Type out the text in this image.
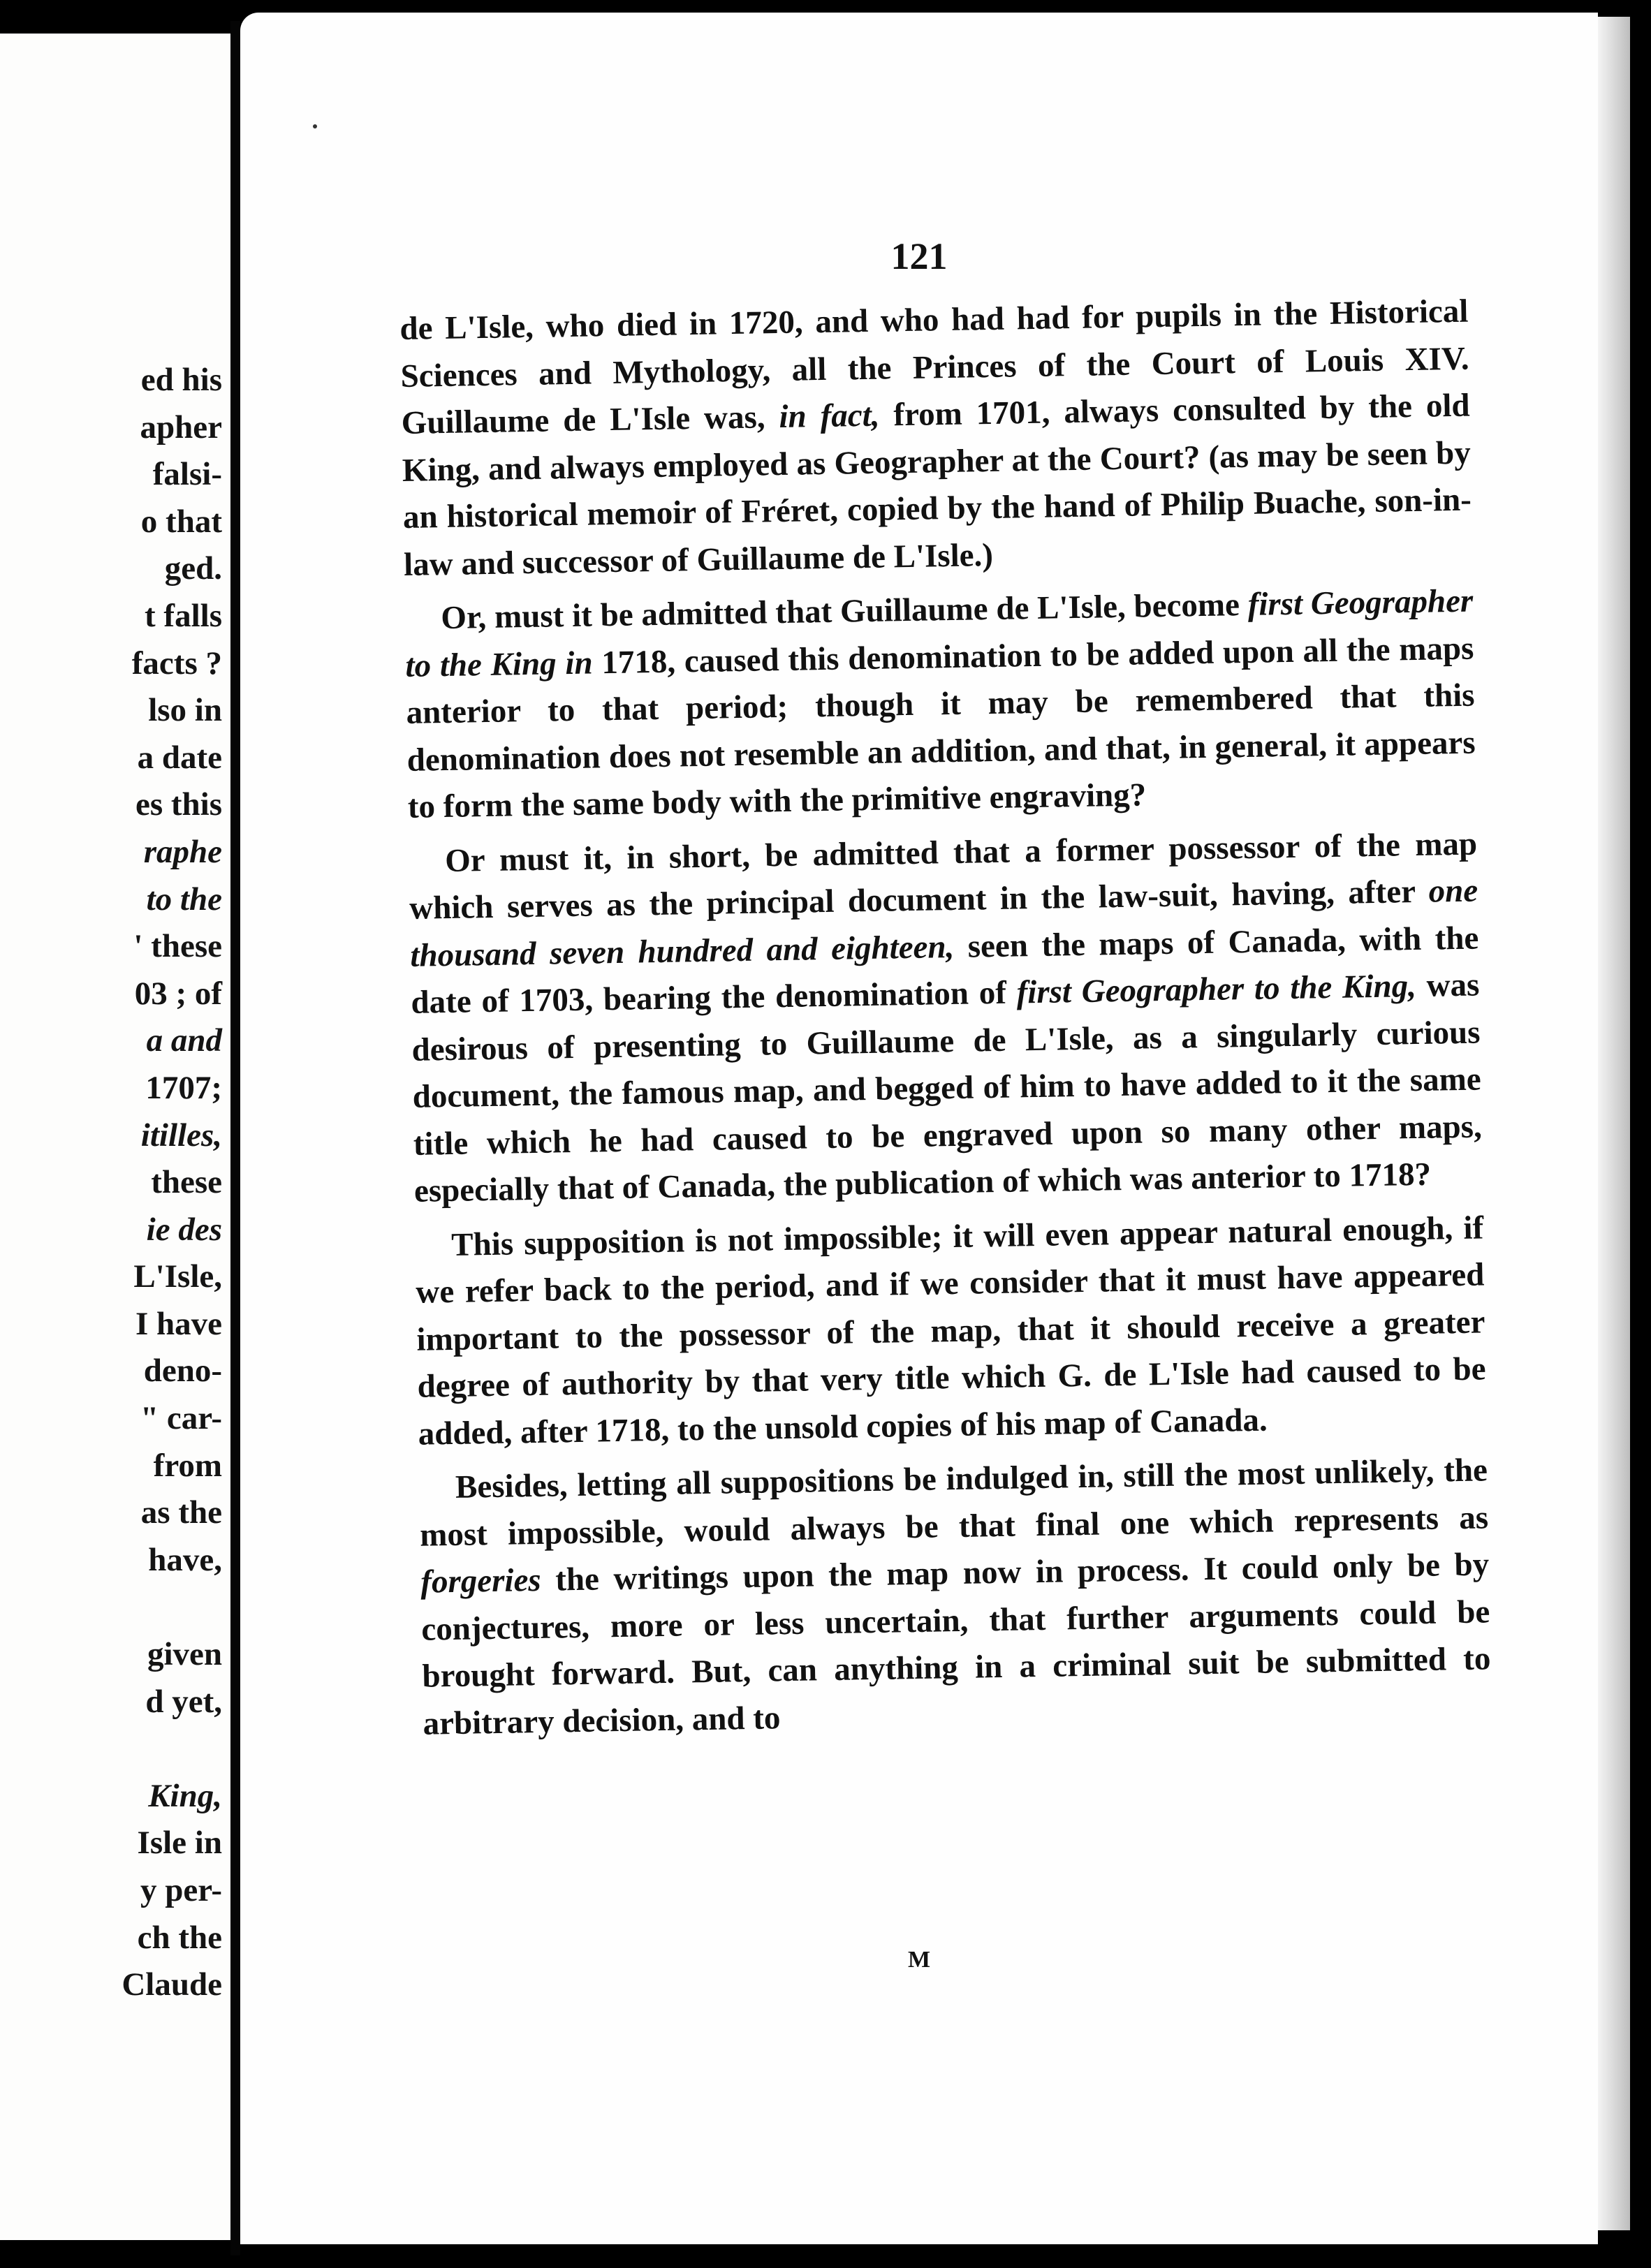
ed his
apher
falsi-
o that
ged.
t falls
facts ?
lso in
a date
es this
raphe
to the
' these
03 ; of
a and
1707;
itilles,
these
ie des
L'Isle,
I have
deno-
" car-
from
as the
have,
given
d yet,
King,
Isle in
y per-
ch the
Claude

121

de L'Isle, who died in 1720, and who had had for pupils in the Historical Sciences and Mythology, all the Princes of the Court of Louis XIV. Guillaume de L'Isle was, in fact, from 1701, always consulted by the old King, and always employed as Geographer at the Court? (as may be seen by an historical memoir of Fréret, copied by the hand of Philip Buache, son-in-law and successor of Guillaume de L'Isle.)

Or, must it be admitted that Guillaume de L'Isle, become first Geographer to the King in 1718, caused this denomination to be added upon all the maps anterior to that period; though it may be remembered that this denomination does not resemble an addition, and that, in general, it appears to form the same body with the primitive engraving?

Or must it, in short, be admitted that a former possessor of the map which serves as the principal document in the law-suit, having, after one thousand seven hundred and eighteen, seen the maps of Canada, with the date of 1703, bearing the denomination of first Geographer to the King, was desirous of presenting to Guillaume de L'Isle, as a singularly curious document, the famous map, and begged of him to have added to it the same title which he had caused to be engraved upon so many other maps, especially that of Canada, the publication of which was anterior to 1718?

This supposition is not impossible; it will even appear natural enough, if we refer back to the period, and if we consider that it must have appeared important to the possessor of the map, that it should receive a greater degree of authority by that very title which G. de L'Isle had caused to be added, after 1718, to the unsold copies of his map of Canada.

Besides, letting all suppositions be indulged in, still the most unlikely, the most impossible, would always be that final one which represents as forgeries the writings upon the map now in process. It could only be by conjectures, more or less uncertain, that further arguments could be brought forward. But, can anything in a criminal suit be submitted to arbitrary decision, and to

M
